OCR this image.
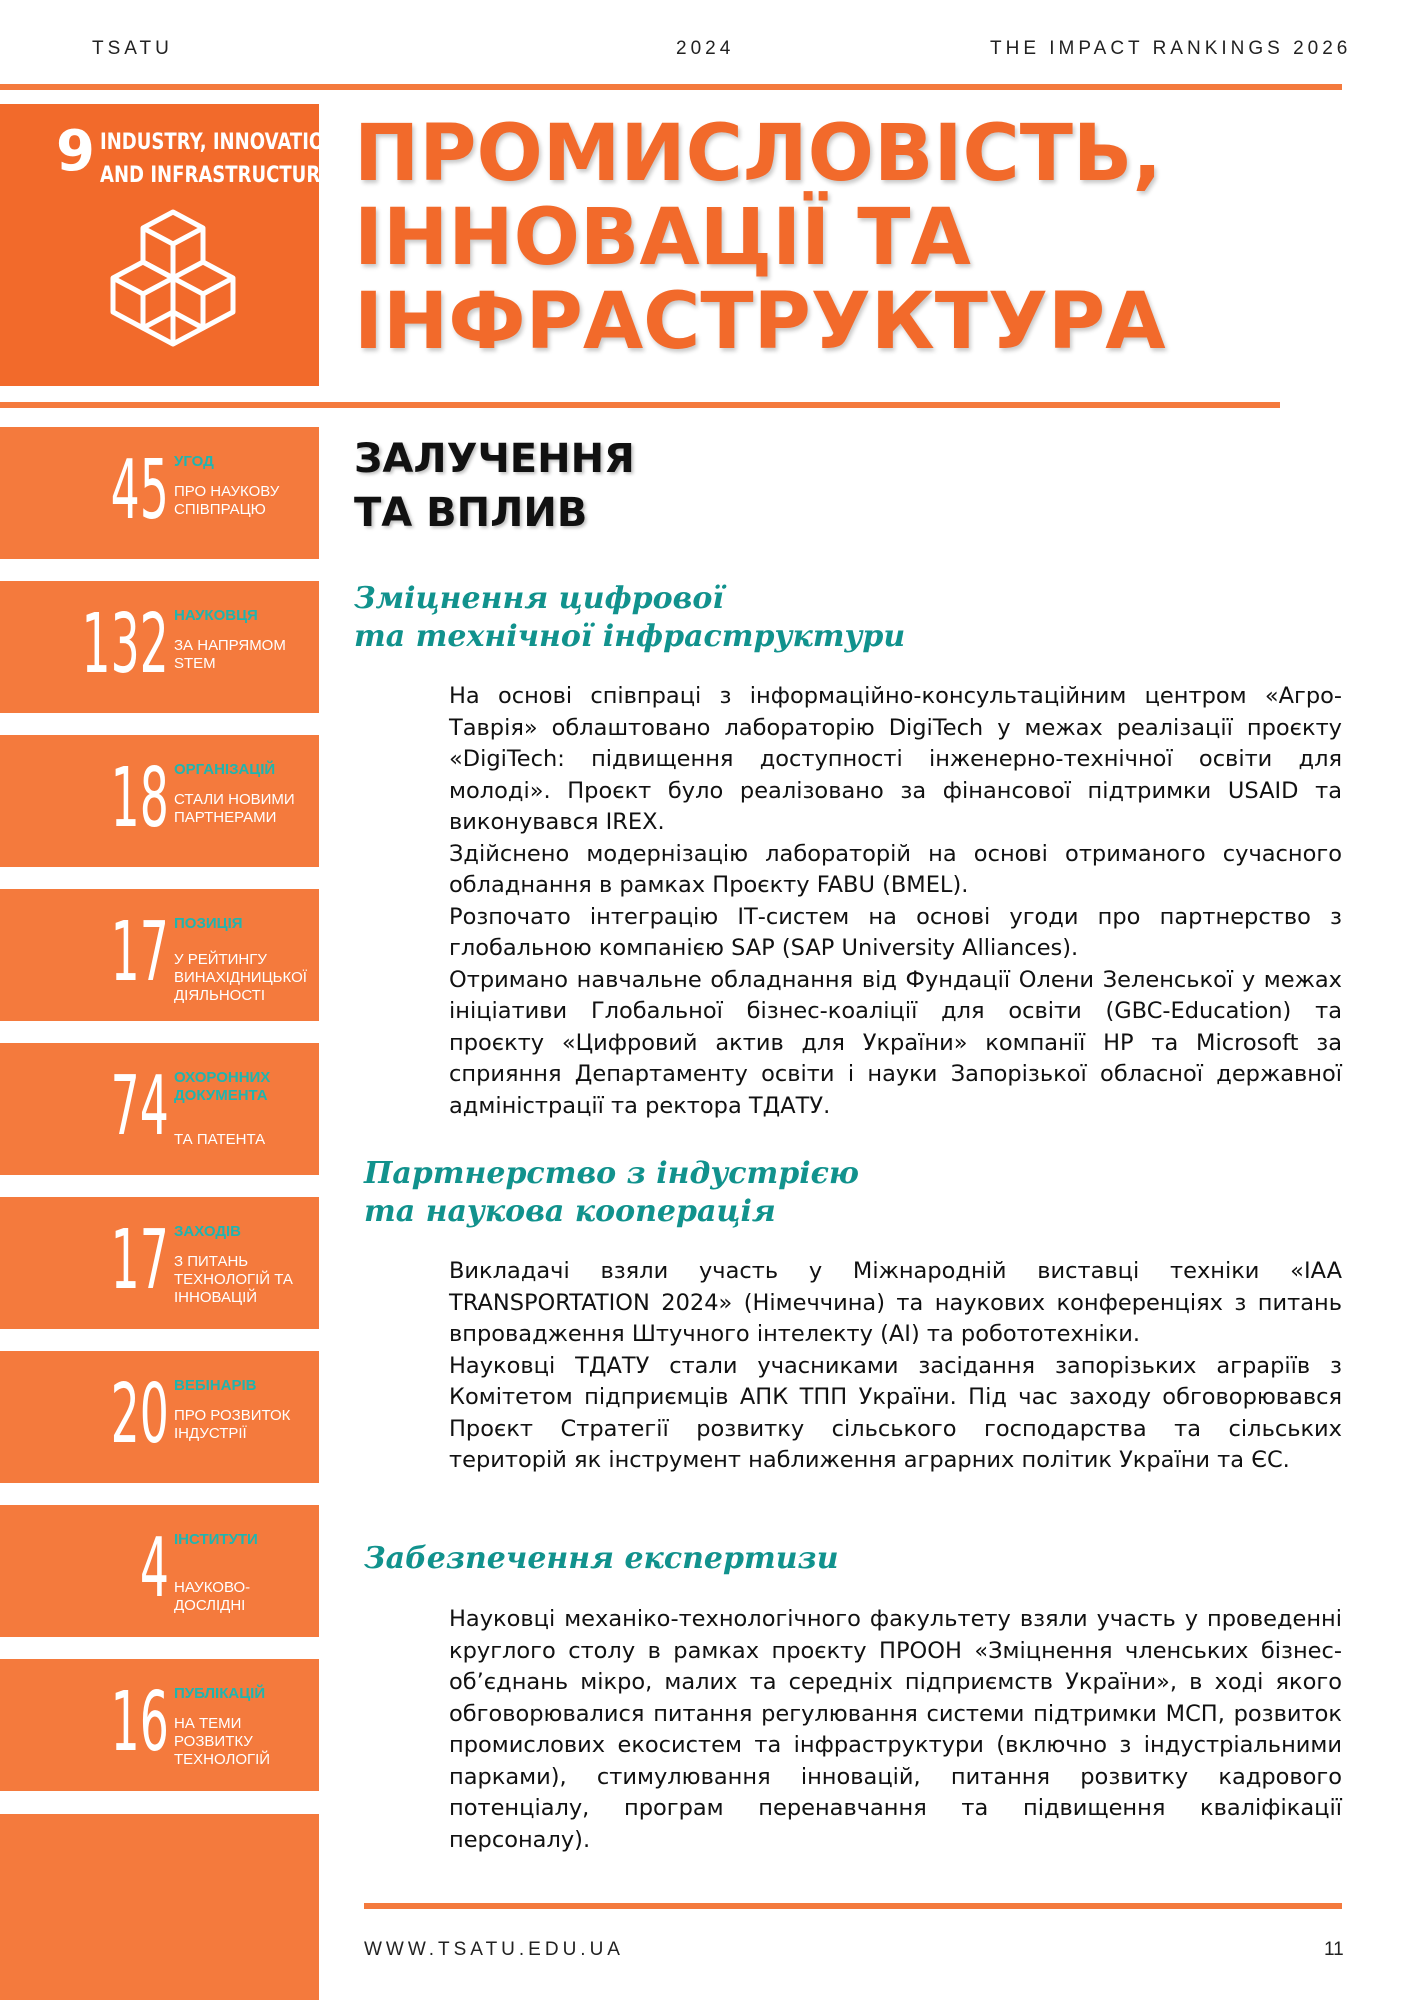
TSATU	2024	THE IMPACT RANKINGS 2026
9 INDUSTRY, INNOVATION
AND INFRASTRUCTURE ПРОМИСЛОВІСТЬ,
ІННОВАЦІЇ ТА
ІНФРАСТРУКТУРА
ЗАЛУЧЕННЯ
ТА ВПЛИВ
45 УГОД
ПРО НАУКОВУ СПІВПРАЦЮ
132 НАУКОВЦЯ
ЗА НАПРЯМОМ STEM
18 ОРГАНІЗАЦІЙ
СТАЛИ НОВИМИ ПАРТНЕРАМИ
17 ПОЗИЦІЯ
У РЕЙТИНГУ ВИНАХІДНИЦЬКОЇ ДІЯЛЬНОСТІ
74 ОХОРОННИХ ДОКУМЕНТА
ТА ПАТЕНТА
17 ЗАХОДІВ
З ПИТАНЬ ТЕХНОЛОГІЙ ТА ІННОВАЦІЙ
20 ВЕБІНАРІВ
ПРО РОЗВИТОК ІНДУСТРІЇ
4 ІНСТИТУТИ
НАУКОВО-ДОСЛІДНІ
16 ПУБЛІКАЦІЙ
НА ТЕМИ РОЗВИТКУ ТЕХНОЛОГІЙ
Зміцнення цифрової
та технічної інфраструктури

На основі співпраці з інформаційно-консультаційним центром «Агро-Таврія» облаштовано лабораторію DigiTech у межах реалізації проєкту «DigiTech: підвищення доступності інженерно-технічної освіти для молоді». Проєкт було реалізовано за фінансової підтримки USAID та виконувався IREX.

Здійснено модернізацію лабораторій на основі отриманого сучасного обладнання в рамках Проєкту FABU (BMEL).

Розпочато інтеграцію ІТ-систем на основі угоди про партнерство з глобальною компанією SAP (SAP University Alliances).

Отримано навчальне обладнання від Фундації Олени Зеленської у межах ініціативи Глобальної бізнес-коаліції для освіти (GBC-Education) та проєкту «Цифровий актив для України» компанії HP та Microsoft за сприяння Департаменту освіти і науки Запорізької обласної державної адміністрації та ректора ТДАТУ.

Партнерство з індустрією
та наукова кооперація

Викладачі взяли участь у Міжнародній виставці техніки «IAA TRANSPORTATION 2024» (Німеччина) та наукових конференціях з питань впровадження Штучного інтелекту (AI) та робототехніки.

Науковці ТДАТУ стали учасниками засідання запорізьких аграріїв з Комітетом підприємців АПК ТПП України. Під час заходу обговорювався Проєкт Стратегії розвитку сільського господарства та сільських територій як інструмент наближення аграрних політик України та ЄС.

Забезпечення експертизи

Науковці механіко-технологічного факультету взяли участь у проведенні круглого столу в рамках проєкту ПРООН «Зміцнення членських бізнес-об’єднань мікро, малих та середніх підприємств України», в ході якого обговорювалися питання регулювання системи підтримки МСП, розвиток промислових екосистем та інфраструктури (включно з індустріальними парками), стимулювання інновацій, питання розвитку кадрового потенціалу, програм перенавчання та підвищення кваліфікації персоналу).

WWW.TSATU.EDU.UA	11
